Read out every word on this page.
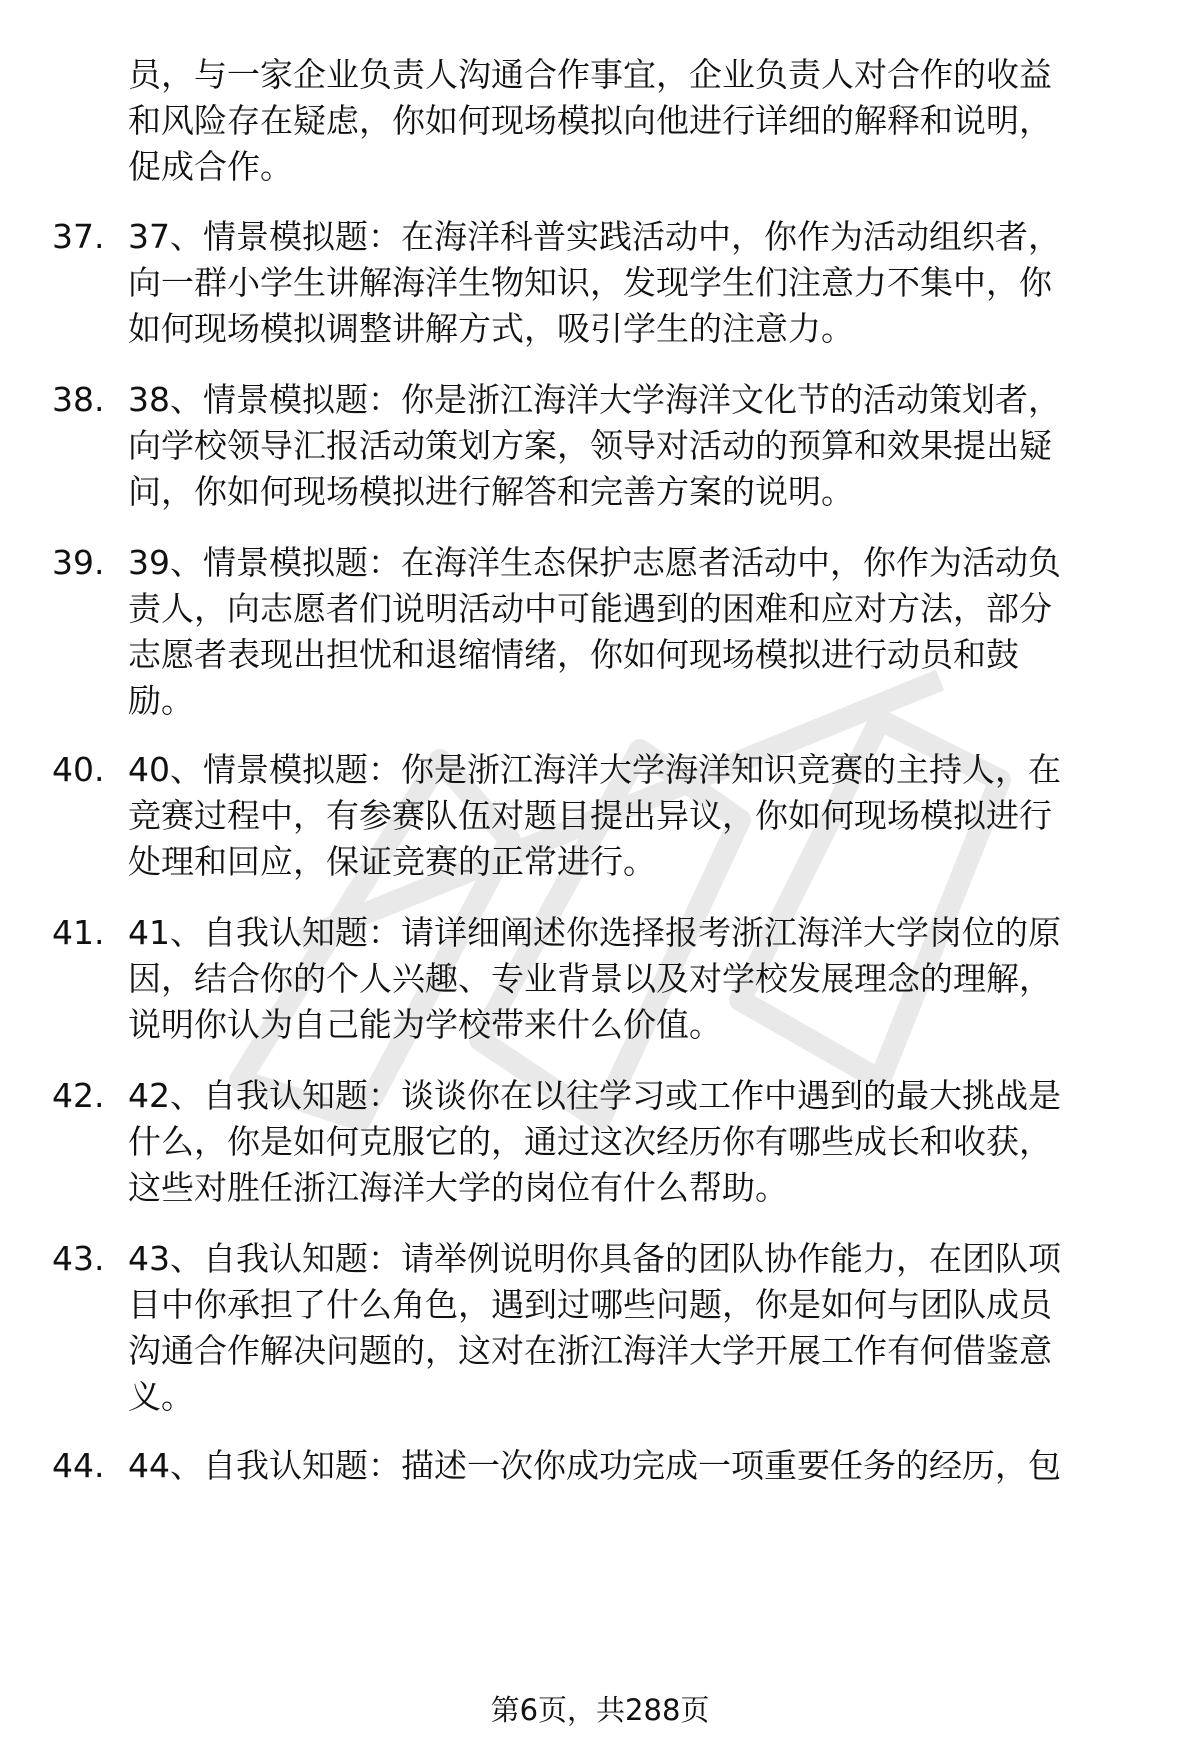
员，与一家企业负责人沟通合作事宜，企业负责人对合作的收益
和风险存在疑虑，你如何现场模拟向他进行详细的解释和说明，
促成合作。
37. 37、情景模拟题：在海洋科普实践活动中，你作为活动组织者，
向一群小学生讲解海洋生物知识，发现学生们注意力不集中，你
如何现场模拟调整讲解方式，吸引学生的注意力。
38. 38、情景模拟题：你是浙江海洋大学海洋文化节的活动策划者，
向学校领导汇报活动策划方案，领导对活动的预算和效果提出疑
问，你如何现场模拟进行解答和完善方案的说明。
39. 39、情景模拟题：在海洋生态保护志愿者活动中，你作为活动负
责人，向志愿者们说明活动中可能遇到的困难和应对方法，部分
志愿者表现出担忧和退缩情绪，你如何现场模拟进行动员和鼓
励。
40. 40、情景模拟题：你是浙江海洋大学海洋知识竞赛的主持人，在
竞赛过程中，有参赛队伍对题目提出异议，你如何现场模拟进行
处理和回应，保证竞赛的正常进行。
41. 41、自我认知题：请详细阐述你选择报考浙江海洋大学岗位的原
因，结合你的个人兴趣、专业背景以及对学校发展理念的理解，
说明你认为自己能为学校带来什么价值。
42. 42、自我认知题：谈谈你在以往学习或工作中遇到的最大挑战是
什么，你是如何克服它的，通过这次经历你有哪些成长和收获，
这些对胜任浙江海洋大学的岗位有什么帮助。
43. 43、自我认知题：请举例说明你具备的团队协作能力，在团队项
目中你承担了什么角色，遇到过哪些问题，你是如何与团队成员
沟通合作解决问题的，这对在浙江海洋大学开展工作有何借鉴意
义。
44. 44、自我认知题：描述一次你成功完成一项重要任务的经历，包
第6页，共288页
